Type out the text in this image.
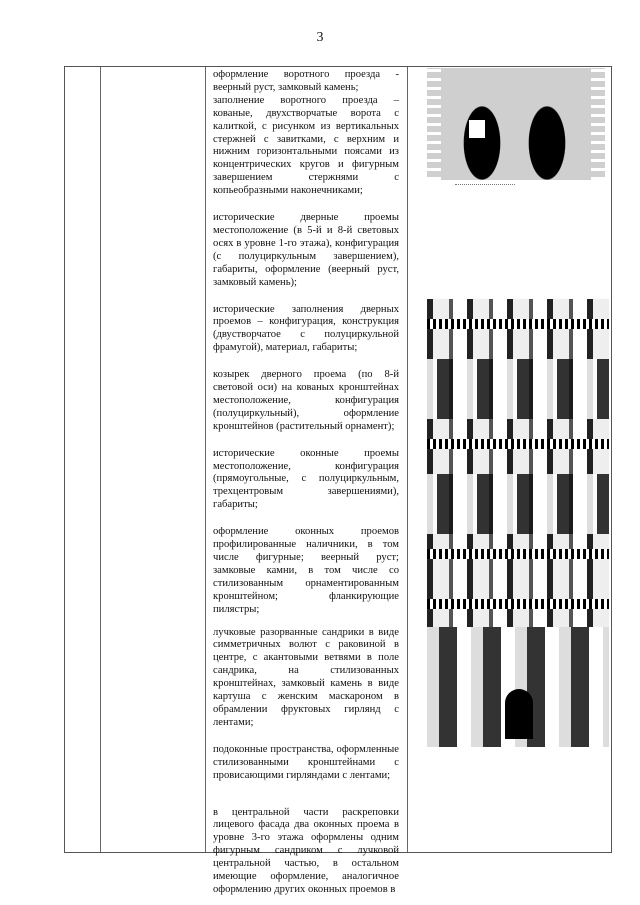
3

оформление воротного проезда - веерный руст, замковый камень;

заполнение воротного проезда – кованые, двухстворчатые ворота с калиткой, с рисунком из вертикальных стержней с завитками, с верхним и нижним горизонтальными поясами из концентрических кругов и фигурным завершением стержнями с копьеобразными наконечниками;

исторические дверные проемы местоположение (в 5-й и 8-й световых осях в уровне 1-го этажа), конфигурация (с полуциркульным завершением), габариты, оформление (веерный руст, замковый камень);

исторические заполнения дверных проемов – конфигурация, конструкция (двустворчатое с полуциркульной фрамугой), материал, габариты;

козырек дверного проема (по 8-й световой оси) на кованых кронштейнах местоположение, конфигурация (полуциркульный), оформление кронштейнов (растительный орнамент);

исторические оконные проемы местоположение, конфигурация (прямоугольные, с полуциркульным, трехцентровым завершениями), габариты;

оформление оконных проемов профилированные наличники, в том числе фигурные; веерный руст; замковые камни, в том числе со стилизованным орнаментированным кронштейном; фланкирующие пилястры;

лучковые разорванные сандрики в виде симметричных волют с раковиной в центре, с акантовыми ветвями в поле сандрика, на стилизованных кронштейнах, замковый камень в виде картуша с женским маскароном в обрамлении фруктовых гирлянд с лентами;

подоконные пространства, оформленные стилизованными кронштейнами с провисающими гирляндами с лентами;

в центральной части раскреповки лицевого фасада два оконных проема в уровне 3-го этажа оформлены одним фигурным сандриком с лучковой центральной частью, в остальном имеющие оформление, аналогичное оформлению других оконных проемов в
